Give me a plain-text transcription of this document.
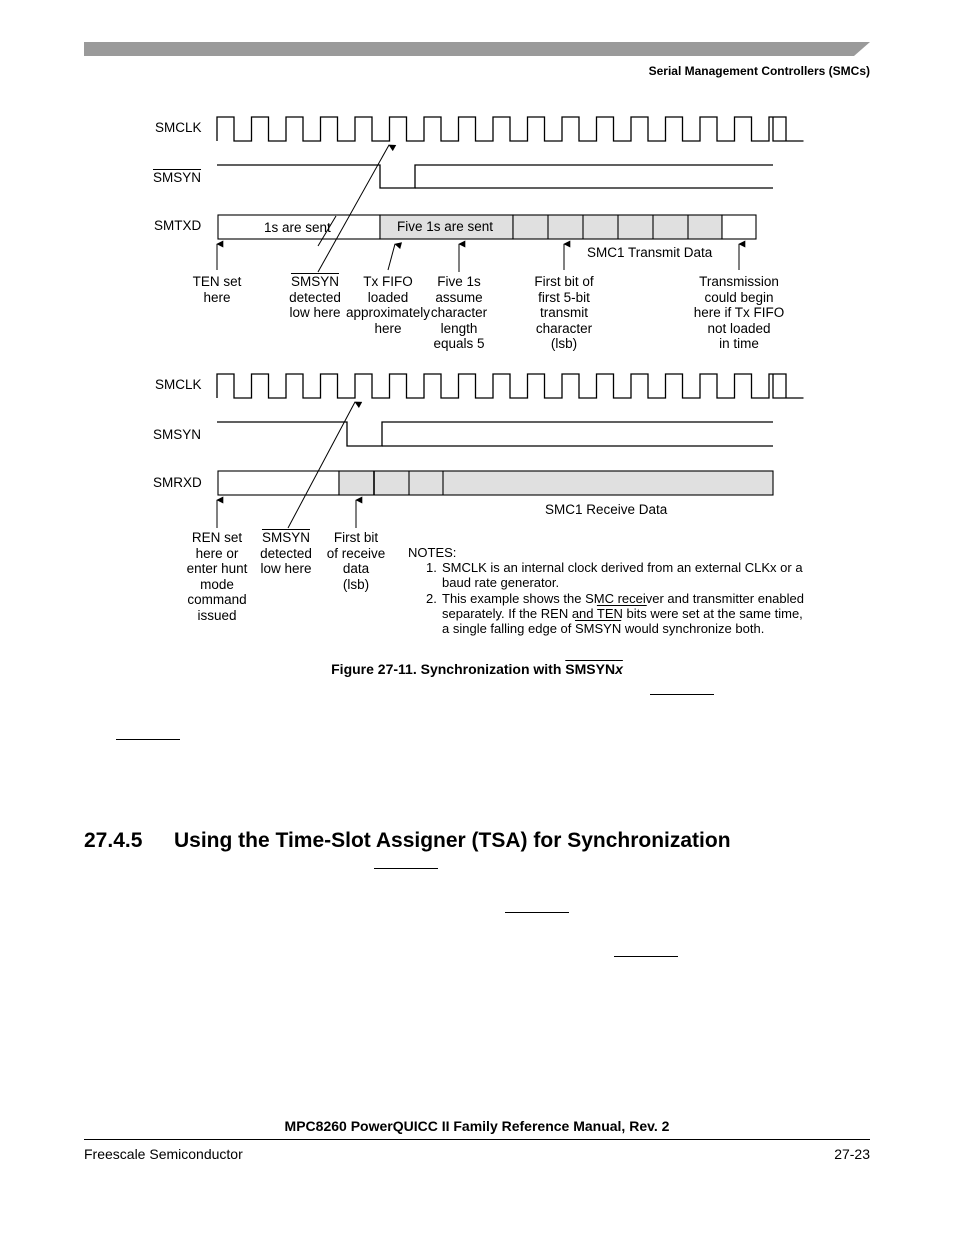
Serial Management Controllers (SMCs)
SMCLK
SMSYN
SMTXD	1s are sent	Five 1s are sent
SMC1 Transmit Data
TEN set
here
SMSYN
detected
low here
Tx FIFO
loaded
approximately
here
Five 1s
assume
character
length
equals 5
First bit of
first 5-bit
transmit
character
(lsb)
Transmission
could begin
here if Tx FIFO
not loaded
in time
SMCLK
SMSYN
SMRXD
SMC1 Receive Data
REN set
here or
enter hunt
mode
command
issued
SMSYN
detected
low here
First bit
of receive
data
(lsb)
NOTES:
1. SMCLK is an internal clock derived from an external CLKx or a baud rate generator.
2. This example shows the SMC receiver and transmitter enabled separately. If the REN and TEN bits were set at the same time, a single falling edge of SMSYN would synchronize both.
Figure 27-11. Synchronization with SMSYNx
27.4.5 Using the Time-Slot Assigner (TSA) for Synchronization
MPC8260 PowerQUICC II Family Reference Manual, Rev. 2
Freescale Semiconductor	27-23
